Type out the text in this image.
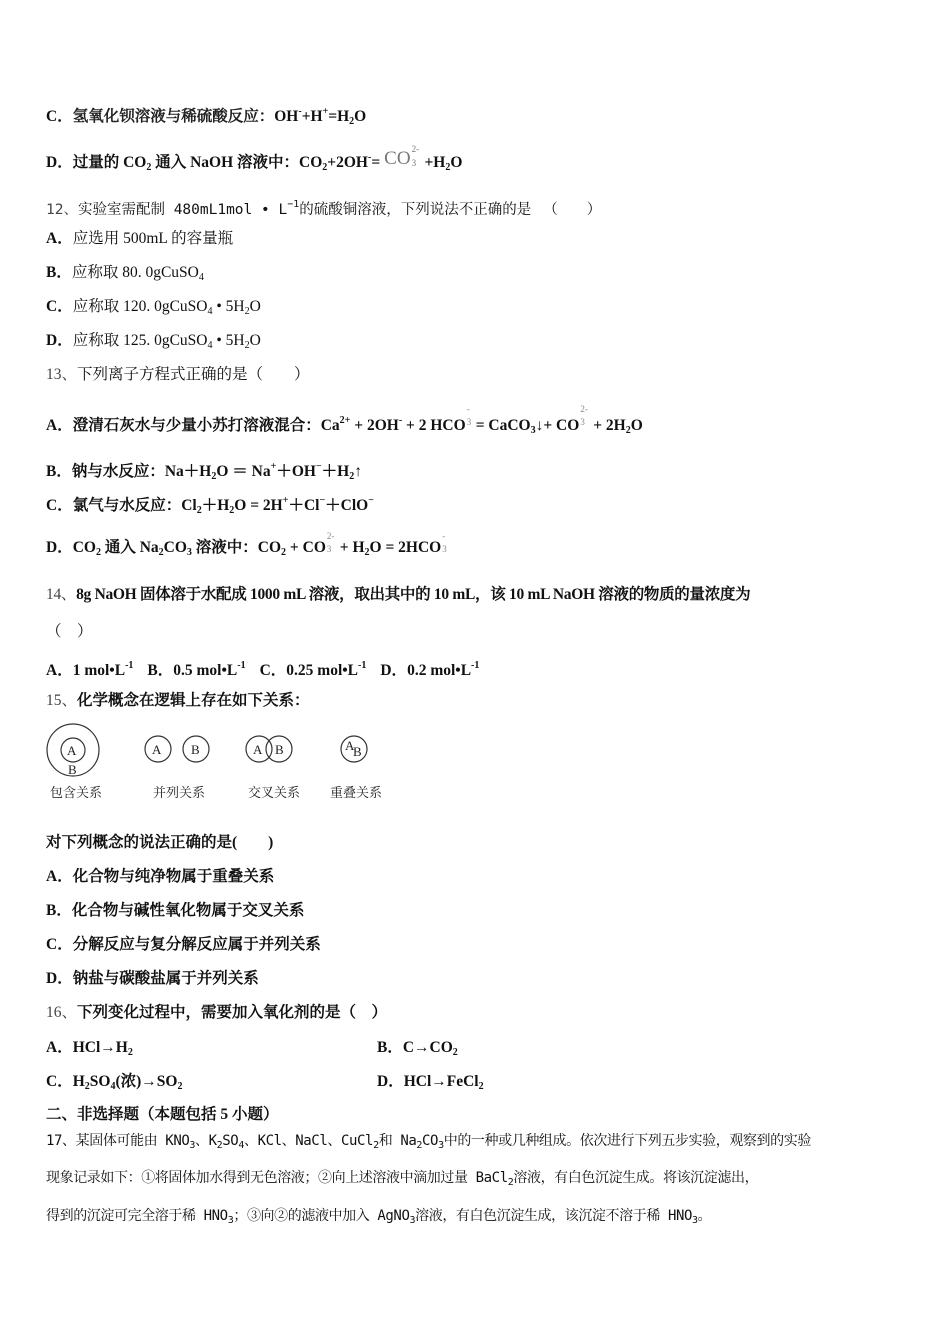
C．氢氧化钡溶液与稀硫酸反应：$OH^-+H^+=H_2O$
D．过量的 $CO_2$ 通入 NaOH 溶液中：$CO_2+2OH^-=$ CO 2-
$3 +H_2O$
12、实验室需配制 480mL1mol • $L^{-1}$的硫酸铜溶液，下列说法不正确的是 （　　）
A．应选用 500mL 的容量瓶
B．应称取 80. 0gCuSO$_4$
C．应称取 120. 0gCuSO$_4$ • $5H_2O$
D．应称取 125. 0gCuSO$_4$ • $5H_2O$
13、下列离子方程式正确的是（　　）
A．澄清石灰水与少量小苏打溶液混合：$Ca^{2+} + 2OH^- + 2$ HCO
-
3 = CaCO$_3$↓+ CO
2-
$3 + 2H_2O$
B．钠与水反应：$Na+H_2O$ ＝ $Na^++OH^-+H_2↑$
C．氯气与水反应：$Cl_2+H_2O = 2H^++Cl^-+ClO^-$
D．$CO_2$ 通入 $Na_2CO_3$ 溶液中：$CO_2$ + CO
2-
$3 + H_2O = 2HCO$
-
3
14、8g NaOH 固体溶于水配成 1000 mL 溶液，取出其中的 10 mL，该 10 mL NaOH 溶液的物质的量浓度为
（　）
A．1 $mol•L^{-1}$ B．0.5 $mol•L^{-1}$ C．0.25 $mol•L^{-1}$ D．0.2 $mol•L^{-1}$
15、化学概念在逻辑上存在如下关系：
A
B
A B	A B	A
B
包含关系	并列关系	交叉关系 重叠关系
对下列概念的说法正确的是(　　)
A．化合物与纯净物属于重叠关系
B．化合物与碱性氧化物属于交叉关系
C．分解反应与复分解反应属于并列关系
D．钠盐与碳酸盐属于并列关系
16、下列变化过程中，需要加入氧化剂的是（　）
A．$HCl\to H_2$	B．$C\to CO_2$
C．$H_2SO_4$(浓)$\to SO_2$	D．HCl→FeCl$_2$
二、非选择题（本题包括 5 小题）
17、某固体可能由 $KNO_3$、$K_2SO_4$、KCl、NaCl、CuCl$_2$和 $Na_2CO_3$中的一种或几种组成。依次进行下列五步实验，观察到的实验
现象记录如下：①将固体加水得到无色溶液；②向上述溶液中滴加过量 BaCl$_2$溶液，有白色沉淀生成。将该沉淀滤出，
得到的沉淀可完全溶于稀 $HNO_3$；③向②的滤液中加入 AgNO$_3$溶液，有白色沉淀生成，该沉淀不溶于稀 $HNO_3$。
